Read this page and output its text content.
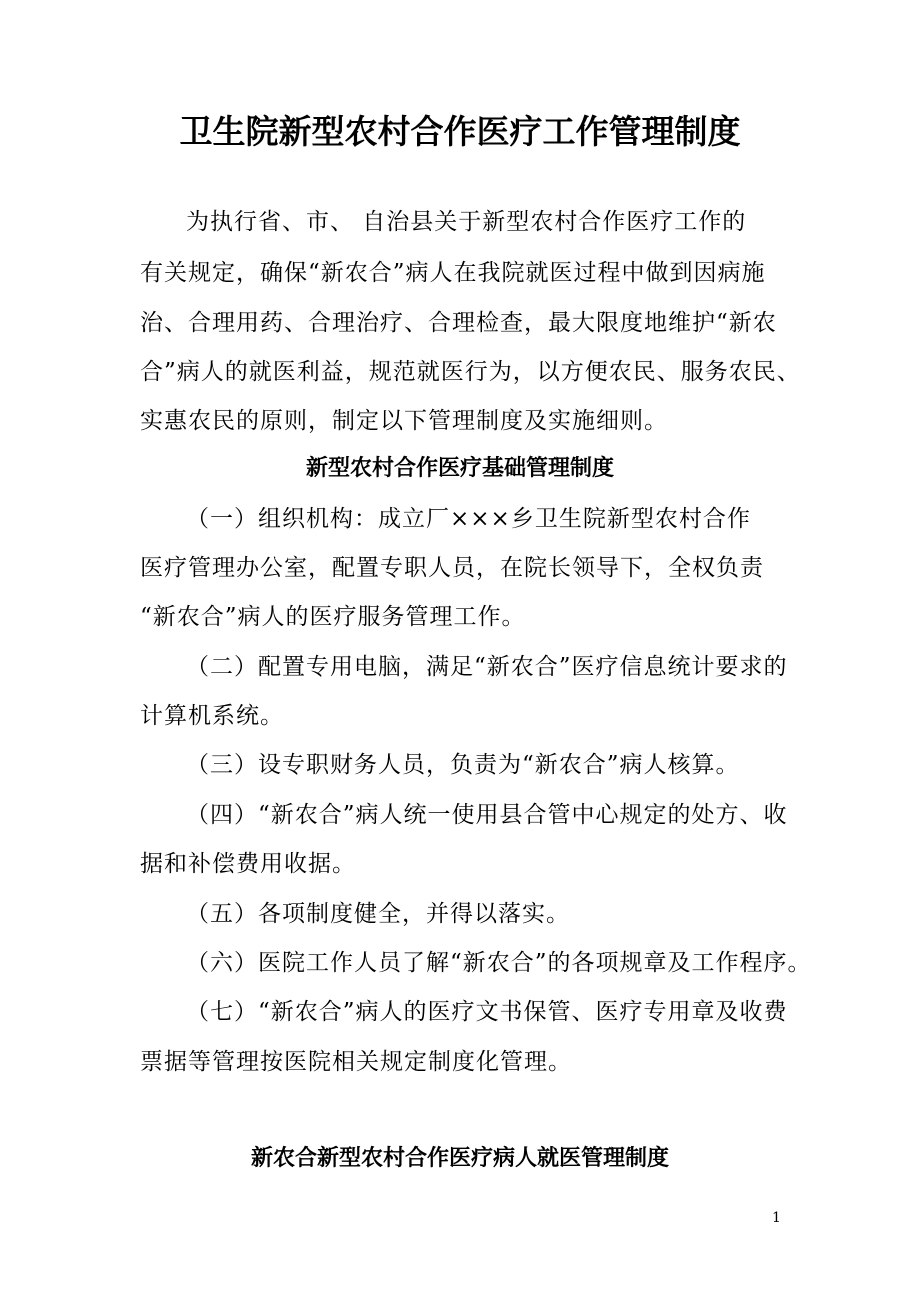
卫生院新型农村合作医疗工作管理制度
为执行省、市、 自治县关于新型农村合作医疗工作的
有关规定，确保“新农合”病人在我院就医过程中做到因病施
治、合理用药、合理治疗、合理检查，最大限度地维护“新农
合”病人的就医利益，规范就医行为，以方便农民、服务农民、
实惠农民的原则，制定以下管理制度及实施细则。
新型农村合作医疗基础管理制度
（一）组织机构：成立厂×××乡卫生院新型农村合作
医疗管理办公室，配置专职人员，在院长领导下，全权负责
“新农合”病人的医疗服务管理工作。
（二）配置专用电脑，满足“新农合”医疗信息统计要求的
计算机系统。
（三）设专职财务人员，负责为“新农合”病人核算。
（四）“新农合”病人统一使用县合管中心规定的处方、收
据和补偿费用收据。
（五）各项制度健全，并得以落实。
（六）医院工作人员了解“新农合”的各项规章及工作程序。
（七）“新农合”病人的医疗文书保管、医疗专用章及收费
票据等管理按医院相关规定制度化管理。
新农合新型农村合作医疗病人就医管理制度
1
